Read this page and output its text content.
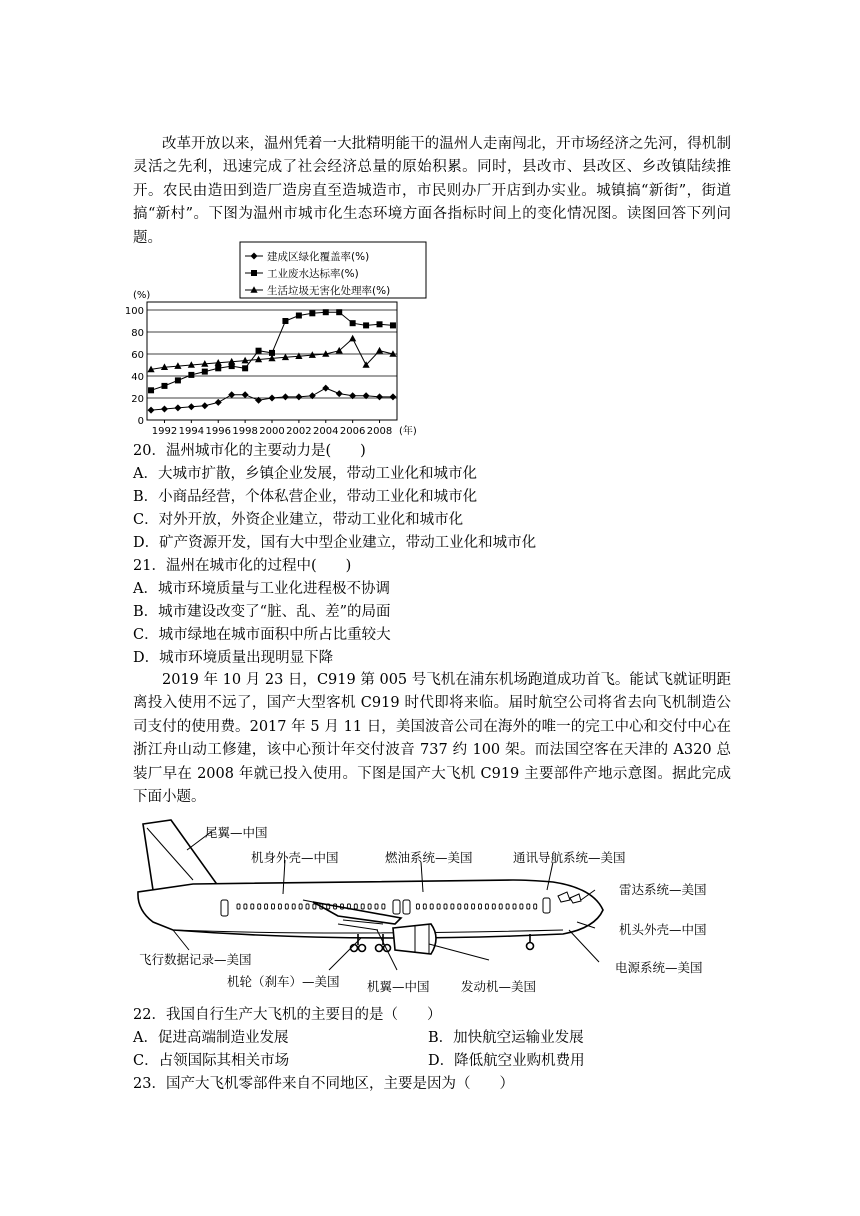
改革开放以来，温州凭着一大批精明能干的温州人走南闯北，开市场经济之先河，得机制灵活之先利，迅速完成了社会经济总量的原始积累。同时，县改市、县改区、乡改镇陆续推开。农民由造田到造厂造房直至造城造市，市民则办厂开店到办实业。城镇搞“新街”，街道搞“新村”。下图为温州市城市化生态环境方面各指标时间上的变化情况图。读图回答下列问题。

建成区绿化覆盖率(%)
工业废水达标率(%)
生活垃圾无害化处理率(%)
0
20
40
60
80
100
(%)
1992 1994 1996 1998 2000 2002 2004 2006 2008 (年)
20．温州城市化的主要动力是(　　)
A．大城市扩散，乡镇企业发展，带动工业化和城市化
B．小商品经营，个体私营企业，带动工业化和城市化
C．对外开放，外资企业建立，带动工业化和城市化
D．矿产资源开发，国有大中型企业建立，带动工业化和城市化
21．温州在城市化的过程中(　　)
A．城市环境质量与工业化进程极不协调
B．城市建设改变了“脏、乱、差”的局面
C．城市绿地在城市面积中所占比重较大
D．城市环境质量出现明显下降

2019 年 10 月 23 日，C919 第 005 号飞机在浦东机场跑道成功首飞。能试飞就证明距离投入使用不远了，国产大型客机 C919 时代即将来临。届时航空公司将省去向飞机制造公司支付的使用费。2017 年 5 月 11 日，美国波音公司在海外的唯一的完工中心和交付中心在浙江舟山动工修建，该中心预计年交付波音 737 约 100 架。而法国空客在天津的 A320 总装厂早在 2008 年就已投入使用。下图是国产大飞机 C919 主要部件产地示意图。据此完成下面小题。

尾翼—中国
机身外壳—中国	燃油系统—美国	通讯导航系统—美国
雷达系统—美国
机头外壳—中国
电源系统—美国
发动机—美国
机翼—中国
机轮（刹车）—美国
飞行数据记录—美国
22．我国自行生产大飞机的主要目的是（　　）
A．促进高端制造业发展	B．加快航空运输业发展
C．占领国际其相关市场	D．降低航空业购机费用
23．国产大飞机零部件来自不同地区，主要是因为（　　）
